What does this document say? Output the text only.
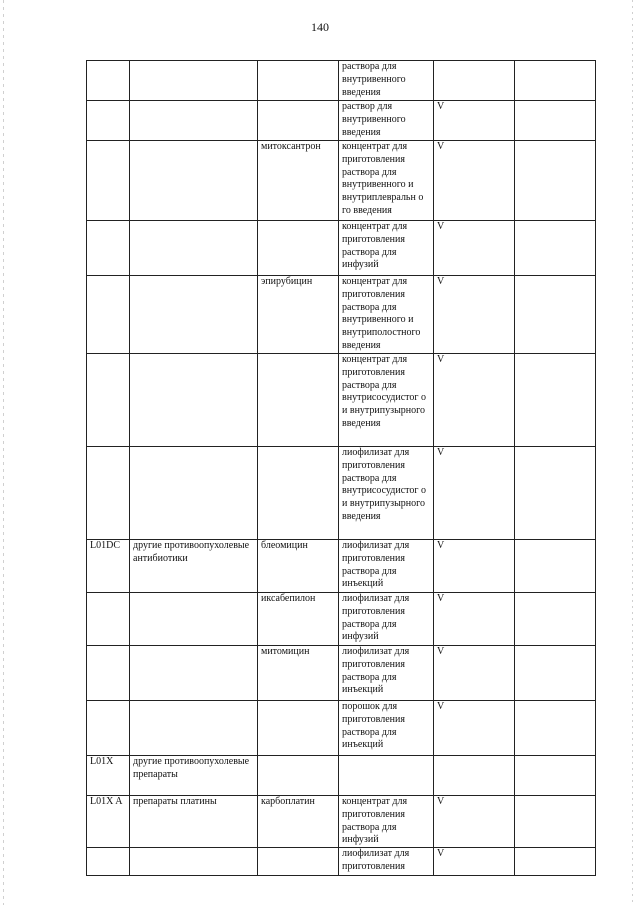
140
			раствора для внутривенного введения		
			раствор для внутривенного введения	V	
		митоксантрон	концентрат для приготовления раствора для внутривенного и внутриплевральн о го введения	V	
			концентрат для приготовления раствора для инфузий	V	
		эпирубицин	концентрат для приготовления раствора для внутривенного и внутриполостного введения	V	
			концентрат для приготовления раствора для внутрисосудистог о и внутрипузырного введения	V	
			лиофилизат для приготовления раствора для внутрисосудистог о и внутрипузырного введения	V	
L01DC	другие противоопухолевые антибиотики	блеомицин	лиофилизат для приготовления раствора для инъекций	V	
		иксабепилон	лиофилизат для приготовления раствора для инфузий	V	
		митомицин	лиофилизат для приготовления раствора для инъекций	V	
			порошок для приготовления раствора для инъекций	V	
L01X	другие противоопухолевые препараты				
L01X A	препараты платины	карбоплатин	концентрат для приготовления раствора для инфузий	V	
			лиофилизат для приготовления	V	
